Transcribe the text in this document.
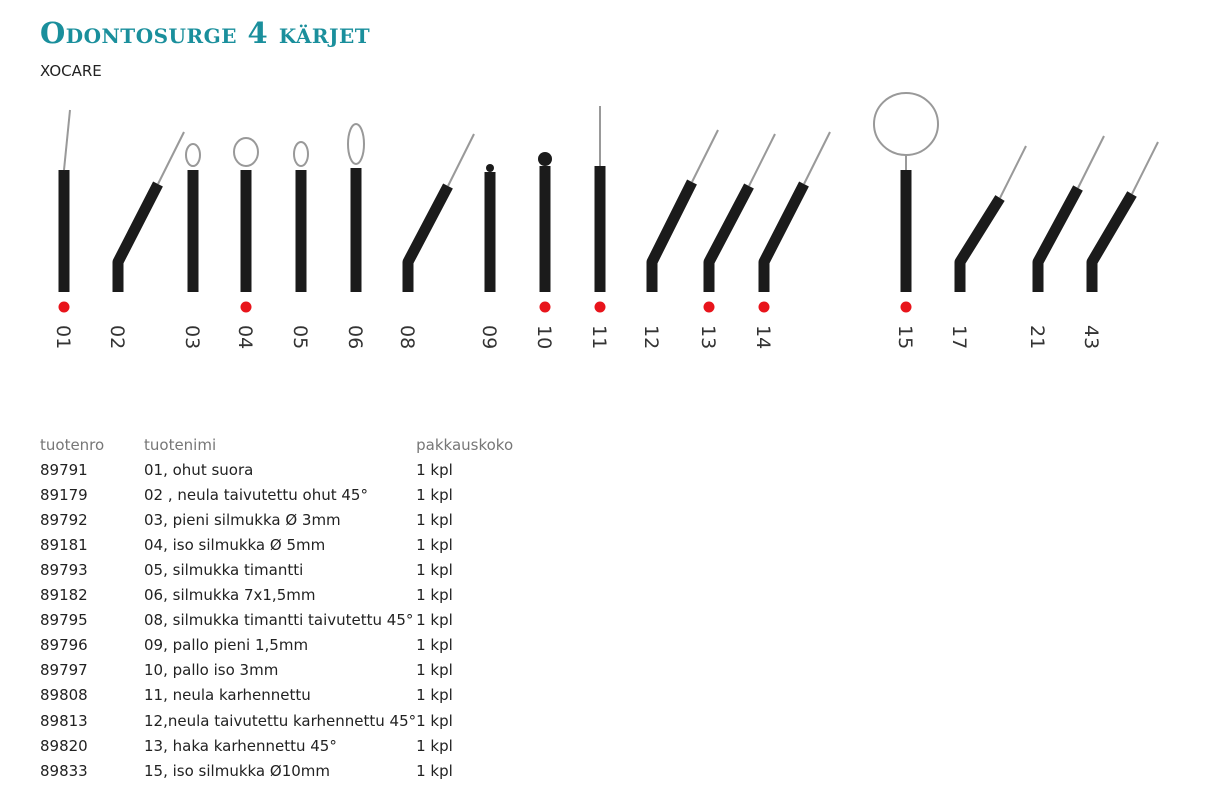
Odontosurge 4 kärjet
XOCARE
01 02	03 04 05 06 08	09 10 11 12 13 14	15 17	21 43
tuotenro	tuotenimi	pakkauskoko
89791	01, ohut suora	1 kpl
89179	02 , neula taivutettu ohut 45°	1 kpl
89792	03, pieni silmukka Ø 3mm	1 kpl
89181	04, iso silmukka Ø 5mm	1 kpl
89793	05, silmukka timantti	1 kpl
89182	06, silmukka 7x1,5mm	1 kpl
89795	08, silmukka timantti taivutettu 45°	1 kpl
89796	09, pallo pieni 1,5mm	1 kpl
89797	10, pallo iso 3mm	1 kpl
89808	11, neula karhennettu	1 kpl
89813	12,neula taivutettu karhennettu 45°	1 kpl
89820	13, haka karhennettu 45°	1 kpl
89833	15, iso silmukka Ø10mm	1 kpl
